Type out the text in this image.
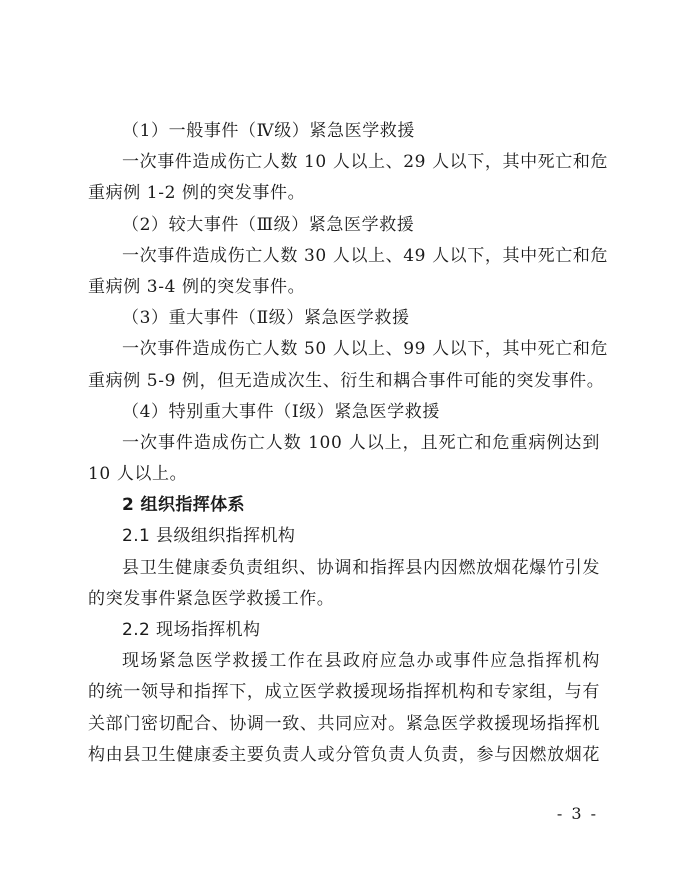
（1）一般事件（Ⅳ级）紧急医学救援
一次事件造成伤亡人数 10 人以上、29 人以下，其中死亡和危
重病例 1-2 例的突发事件。
（2）较大事件（Ⅲ级）紧急医学救援
一次事件造成伤亡人数 30 人以上、49 人以下，其中死亡和危
重病例 3-4 例的突发事件。
（3）重大事件（Ⅱ级）紧急医学救援
一次事件造成伤亡人数 50 人以上、99 人以下，其中死亡和危
重病例 5-9 例，但无造成次生、衍生和耦合事件可能的突发事件。
（4）特别重大事件（Ⅰ级）紧急医学救援
一次事件造成伤亡人数 100 人以上，且死亡和危重病例达到
10 人以上。
2 组织指挥体系
2.1 县级组织指挥机构
县卫生健康委负责组织、协调和指挥县内因燃放烟花爆竹引发
的突发事件紧急医学救援工作。
2.2 现场指挥机构
现场紧急医学救援工作在县政府应急办或事件应急指挥机构
的统一领导和指挥下，成立医学救援现场指挥机构和专家组，与有
关部门密切配合、协调一致、共同应对。紧急医学救援现场指挥机
构由县卫生健康委主要负责人或分管负责人负责，参与因燃放烟花
- 3 -
